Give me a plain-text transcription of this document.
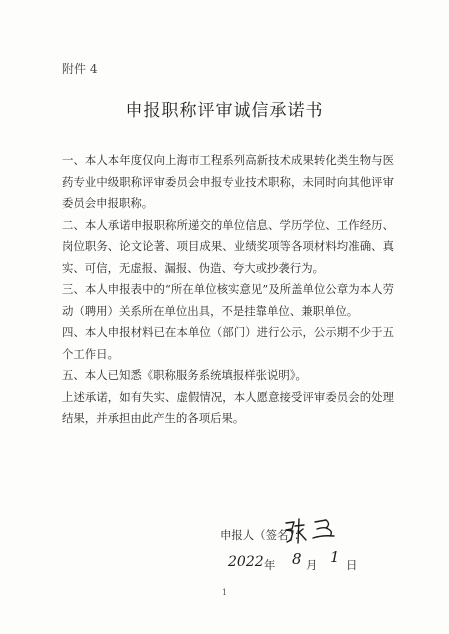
附件 4
申报职称评审诚信承诺书

一、本人本年度仅向上海市工程系列高新技术成果转化类生物与医药专业中级职称评审委员会申报专业技术职称，未同时向其他评审委员会申报职称。

二、本人承诺申报职称所递交的单位信息、学历学位、工作经历、岗位职务、论文论著、项目成果、业绩奖项等各项材料均准确、真实、可信，无虚报、漏报、伪造、夸大或抄袭行为。

三、本人申报表中的“所在单位核实意见”及所盖单位公章为本人劳动（聘用）关系所在单位出具，不是挂靠单位、兼职单位。

四、本人申报材料已在本单位（部门）进行公示，公示期不少于五个工作日。

五、本人已知悉《职称服务系统填报样张说明》。

上述承诺，如有失实、虚假情况，本人愿意接受评审委员会的处理结果，并承担由此产生的各项后果。

申报人（签名）：
2022 年 8 月 1 日
1
